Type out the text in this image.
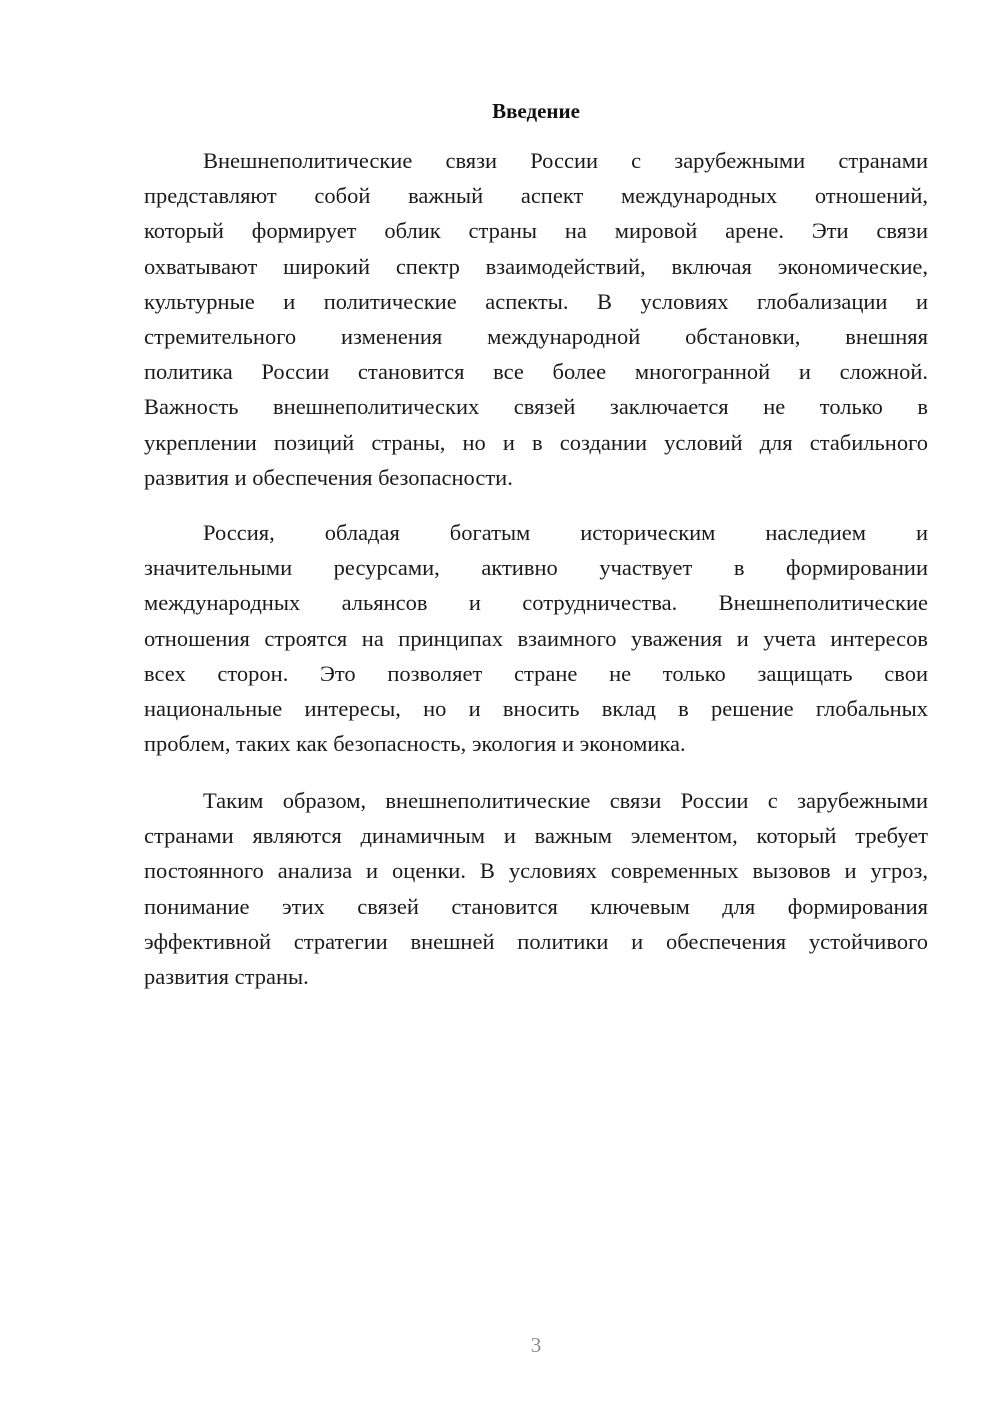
Введение
Внешнеполитические связи России с зарубежными странами
представляют собой важный аспект международных отношений,
который формирует облик страны на мировой арене. Эти связи
охватывают широкий спектр взаимодействий, включая экономические,
культурные и политические аспекты. В условиях глобализации и
стремительного изменения международной обстановки, внешняя
политика России становится все более многогранной и сложной.
Важность внешнеполитических связей заключается не только в
укреплении позиций страны, но и в создании условий для стабильного
развития и обеспечения безопасности.
Россия, обладая богатым историческим наследием и
значительными ресурсами, активно участвует в формировании
международных альянсов и сотрудничества. Внешнеполитические
отношения строятся на принципах взаимного уважения и учета интересов
всех сторон. Это позволяет стране не только защищать свои
национальные интересы, но и вносить вклад в решение глобальных
проблем, таких как безопасность, экология и экономика.
Таким образом, внешнеполитические связи России с зарубежными
странами являются динамичным и важным элементом, который требует
постоянного анализа и оценки. В условиях современных вызовов и угроз,
понимание этих связей становится ключевым для формирования
эффективной стратегии внешней политики и обеспечения устойчивого
развития страны.
3
